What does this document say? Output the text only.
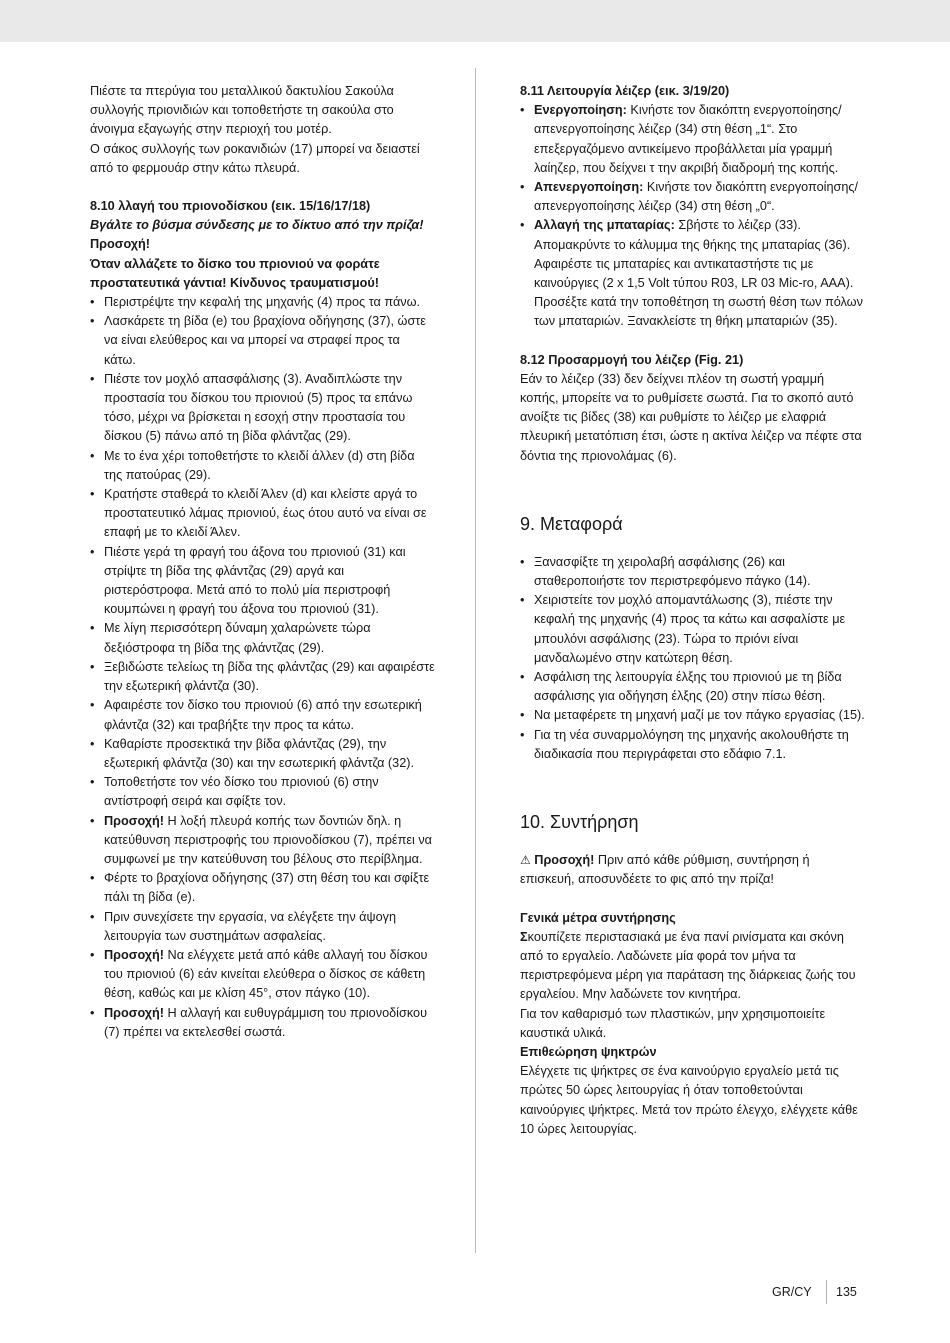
Πιέστε τα πτερύγια του μεταλλικού δακτυλίου Σακούλα συλλογής πριονιδιών και τοποθετήστε τη σακούλα στο άνοιγμα εξαγωγής στην περιοχή του μοτέρ.

Ο σάκος συλλογής των ροκανιδιών (17) μπορεί να δειαστεί από το φερμουάρ στην κάτω πλευρά.

8.10 λλαγή του πριονοδίσκου (εικ. 15/16/17/18)

Βγάλτε το βύσμα σύνδεσης με το δίκτυο από την πρίζα!

Προσοχή!

Όταν αλλάζετε το δίσκο του πριονιού να φοράτε προστατευτικά γάντια! Κίνδυνος τραυματισμού!

• Περιστρέψτε την κεφαλή της μηχανής (4) προς τα πάνω.
• Λασκάρετε τη βίδα (e) του βραχίονα οδήγησης (37), ώστε να είναι ελεύθερος και να μπορεί να στραφεί προς τα κάτω.
• Πιέστε τον μοχλό απασφάλισης (3). Αναδιπλώστε την προστασία του δίσκου του πριονιού (5) προς τα επάνω τόσο, μέχρι να βρίσκεται η εσοχή στην προστασία του δίσκου (5) πάνω από τη βίδα φλάντζας (29).
• Με το ένα χέρι τοποθετήστε το κλειδί άλλεν (d) στη βίδα της πατούρας (29).
• Κρατήστε σταθερά το κλειδί Άλεν (d) και κλείστε αργά το προστατευτικό λάμας πριονιού, έως ότου αυτό να είναι σε επαφή με το κλειδί Άλεν.
• Πιέστε γερά τη φραγή του άξονα του πριονιού (31) και στρίψτε τη βίδα της φλάντζας (29) αργά και ριστερόστροφα. Μετά από το πολύ μία περιστροφή κουμπώνει η φραγή του άξονα του πριονιού (31).
• Με λίγη περισσότερη δύναμη χαλαρώνετε τώρα δεξιόστροφα τη βίδα της φλάντζας (29).
• Ξεβιδώστε τελείως τη βίδα της φλάντζας (29) και αφαιρέστε την εξωτερική φλάντζα (30).
• Αφαιρέστε τον δίσκο του πριονιού (6) από την εσωτερική φλάντζα (32) και τραβήξτε την προς τα κάτω.
• Καθαρίστε προσεκτικά την βίδα φλάντζας (29), την εξωτερική φλάντζα (30) και την εσωτερική φλάντζα (32).
• Τοποθετήστε τον νέο δίσκο του πριονιού (6) στην αντίστροφή σειρά και σφίξτε τον.
• Προσοχή! Η λοξή πλευρά κοπής των δοντιών δηλ. η κατεύθυνση περιστροφής του πριονοδίσκου (7), πρέπει να συμφωνεί με την κατεύθυνση του βέλους στο περίβλημα.
• Φέρτε το βραχίονα οδήγησης (37) στη θέση του και σφίξτε πάλι τη βίδα (e).
• Πριν συνεχίσετε την εργασία, να ελέγξετε την άψογη λειτουργία των συστημάτων ασφαλείας.
• Προσοχή! Να ελέγχετε μετά από κάθε αλλαγή του δίσκου του πριονιού (6) εάν κινείται ελεύθερα ο δίσκος σε κάθετη θέση, καθώς και με κλίση 45°, στον πάγκο (10).
• Προσοχή! Η αλλαγή και ευθυγράμμιση του πριονοδίσκου (7) πρέπει να εκτελεσθεί σωστά.

8.11 Λειτουργία λέιζερ (εικ. 3/19/20)

• Ενεργοποίηση: Κινήστε τον διακόπτη ενεργοποίησης/απενεργοποίησης λέιζερ (34) στη θέση „1“. Στο επεξεργαζόμενο αντικείμενο προβάλλεται μία γραμμή λαίηζερ, που δείχνει τ την ακριβή διαδρομή της κοπής.
• Απενεργοποίηση: Κινήστε τον διακόπτη ενεργοποίησης/απενεργοποίησης λέιζερ (34) στη θέση „0“.
• Αλλαγή της μπαταρίας: Σβήστε το λέιζερ (33). Απομακρύντε το κάλυμμα της θήκης της μπαταρίας (36). Αφαιρέστε τις μπαταρίες και αντικαταστήστε τις με καινούργιες (2 x 1,5 Volt τύπου R03, LR 03 Mic-ro, AAA). Προσέξτε κατά την τοποθέτηση τη σωστή θέση των πόλων των μπαταριών. Ξανακλείστε τη θήκη μπαταριών (35).

8.12 Προσαρμογή του λέιζερ (Fig. 21)

Εάν το λέιζερ (33) δεν δείχνει πλέον τη σωστή γραμμή κοπής, μπορείτε να το ρυθμίσετε σωστά. Για το σκοπό αυτό ανοίξτε τις βίδες (38) και ρυθμίστε το λέιζερ με ελαφριά πλευρική μετατόπιση έτσι, ώστε η ακτίνα λέιζερ να πέφτε στα δόντια της πριονολάμας (6).

9. Μεταφορά
• Ξανασφίξτε τη χειρολαβή ασφάλισης (26) και σταθεροποιήστε τον περιστρεφόμενο πάγκο (14).
• Χειριστείτε τον μοχλό απομαντάλωσης (3), πιέστε την κεφαλή της μηχανής (4) προς τα κάτω και ασφαλίστε με μπουλόνι ασφάλισης (23). Τώρα το πριόνι είναι μανδαλωμένο στην κατώτερη θέση.
• Ασφάλιση της λειτουργία έλξης του πριονιού με τη βίδα ασφάλισης για οδήγηση έλξης (20) στην πίσω θέση.
• Να μεταφέρετε τη μηχανή μαζί με τον πάγκο εργασίας (15).
• Για τη νέα συναρμολόγηση της μηχανής ακολουθήστε τη διαδικασία που περιγράφεται στο εδάφιο 7.1.
10. Συντήρηση

⚠ Προσοχή! Πριν από κάθε ρύθμιση, συντήρηση ή επισκευή, αποσυνδέετε το φις από την πρίζα!

Γενικά μέτρα συντήρησης

Σκουπίζετε περιστασιακά με ένα πανί ρινίσματα και σκόνη από το εργαλείο. Λαδώνετε μία φορά τον μήνα τα περιστρεφόμενα μέρη για παράταση της διάρκειας ζωής του εργαλείου. Μην λαδώνετε τον κινητήρα.

Για τον καθαρισμό των πλαστικών, μην χρησιμοποιείτε καυστικά υλικά.

Επιθεώρηση ψηκτρών

Ελέγχετε τις ψήκτρες σε ένα καινούργιο εργαλείο μετά τις πρώτες 50 ώρες λειτουργίας ή όταν τοποθετούνται καινούργιες ψήκτρες. Μετά τον πρώτο έλεγχο, ελέγχετε κάθε 10 ώρες λειτουργίας.

GR/CY 135
